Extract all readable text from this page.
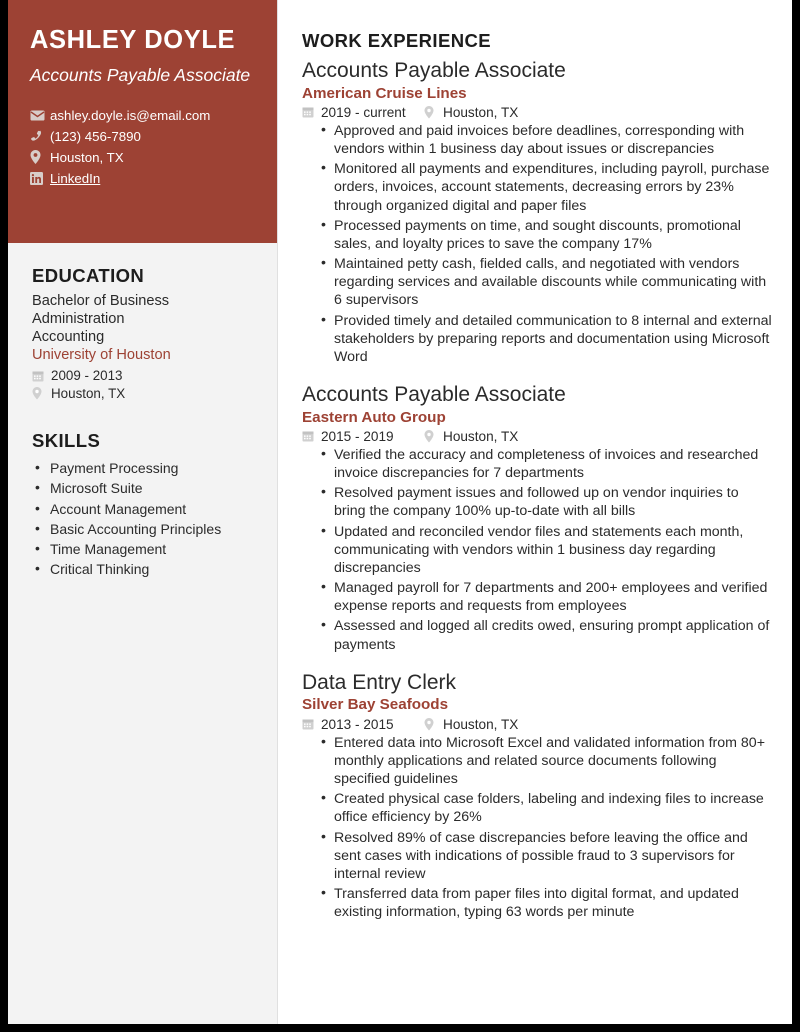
ASHLEY DOYLE
Accounts Payable Associate
ashley.doyle.is@email.com
(123) 456-7890
Houston, TX
LinkedIn
EDUCATION
Bachelor of Business
Administration
Accounting
University of Houston
2009 - 2013
Houston, TX
SKILLS
• Payment Processing
• Microsoft Suite
• Account Management
• Basic Accounting Principles
• Time Management
• Critical Thinking
WORK EXPERIENCE
Accounts Payable Associate
American Cruise Lines
2019 - current	Houston, TX
• Approved and paid invoices before deadlines, corresponding with vendors within 1 business day about issues or discrepancies
• Monitored all payments and expenditures, including payroll, purchase orders, invoices, account statements, decreasing errors by 23% through organized digital and paper files
• Processed payments on time, and sought discounts, promotional sales, and loyalty prices to save the company 17%
• Maintained petty cash, fielded calls, and negotiated with vendors regarding services and available discounts while communicating with 6 supervisors
• Provided timely and detailed communication to 8 internal and external stakeholders by preparing reports and documentation using Microsoft Word
Accounts Payable Associate
Eastern Auto Group
2015 - 2019	Houston, TX
• Verified the accuracy and completeness of invoices and researched invoice discrepancies for 7 departments
• Resolved payment issues and followed up on vendor inquiries to bring the company 100% up-to-date with all bills
• Updated and reconciled vendor files and statements each month, communicating with vendors within 1 business day regarding discrepancies
• Managed payroll for 7 departments and 200+ employees and verified expense reports and requests from employees
• Assessed and logged all credits owed, ensuring prompt application of payments
Data Entry Clerk
Silver Bay Seafoods
2013 - 2015	Houston, TX
• Entered data into Microsoft Excel and validated information from 80+ monthly applications and related source documents following specified guidelines
• Created physical case folders, labeling and indexing files to increase office efficiency by 26%
• Resolved 89% of case discrepancies before leaving the office and sent cases with indications of possible fraud to 3 supervisors for internal review
• Transferred data from paper files into digital format, and updated existing information, typing 63 words per minute
